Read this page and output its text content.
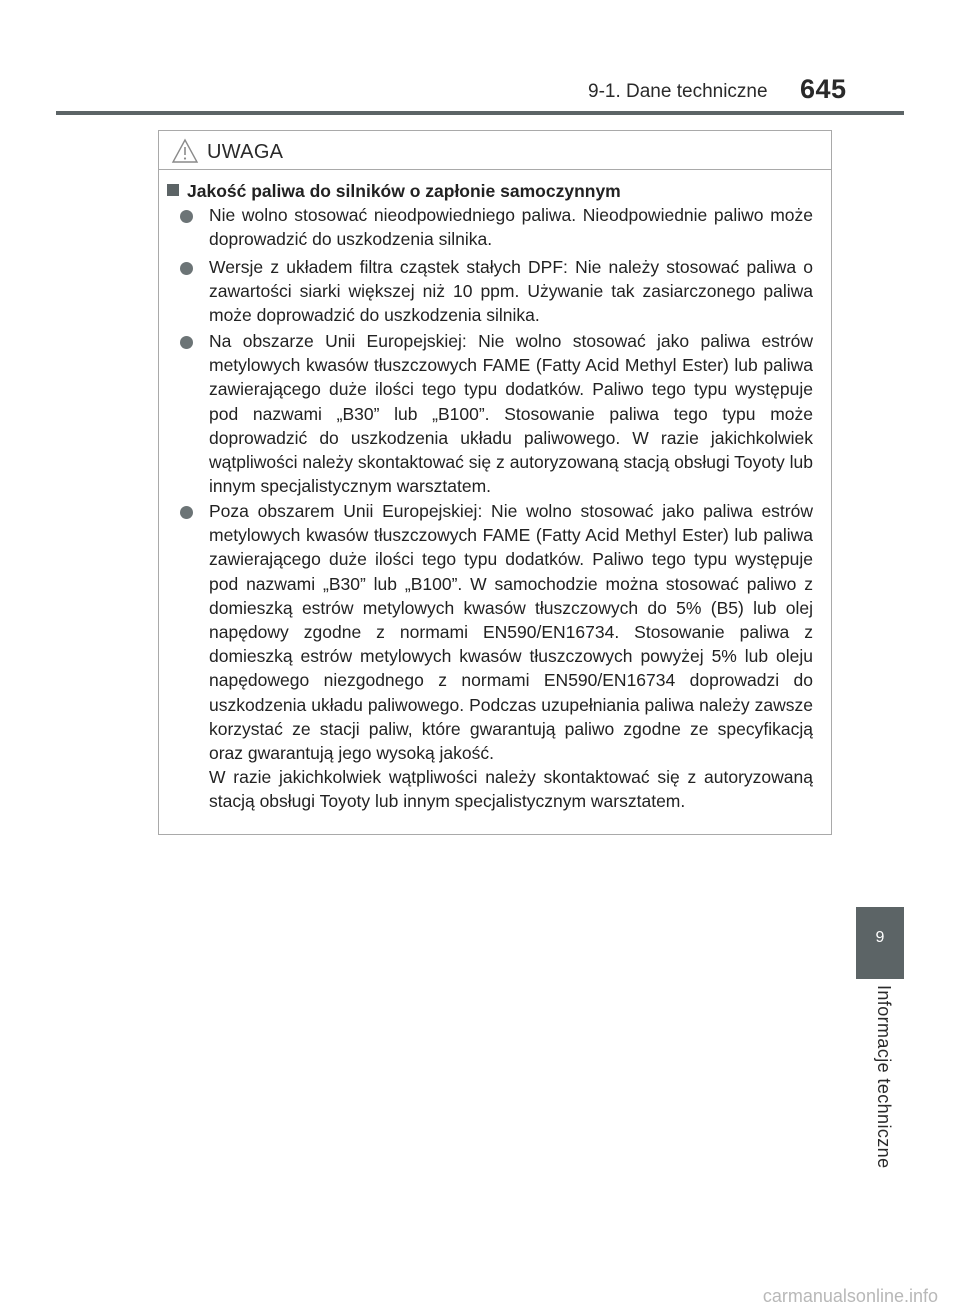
9-1. Dane techniczne 645
UWAGA
Jakość paliwa do silników o zapłonie samoczynnym

Nie wolno stosować nieodpowiedniego paliwa. Nieodpowiednie paliwo może doprowadzić do uszkodzenia silnika.

Wersje z układem filtra cząstek stałych DPF: Nie należy stosować paliwa o zawartości siarki większej niż 10 ppm. Używanie tak zasiarczonego paliwa może doprowadzić do uszkodzenia silnika.

Na obszarze Unii Europejskiej: Nie wolno stosować jako paliwa estrów metylowych kwasów tłuszczowych FAME (Fatty Acid Methyl Ester) lub paliwa zawierającego duże ilości tego typu dodatków. Paliwo tego typu występuje pod nazwami „B30” lub „B100”. Stosowanie paliwa tego typu może doprowadzić do uszkodzenia układu paliwowego. W razie jakichkolwiek wątpliwości należy skontaktować się z autoryzowaną stacją obsługi Toyoty lub innym specjalistycznym warsztatem.

Poza obszarem Unii Europejskiej: Nie wolno stosować jako paliwa estrów metylowych kwasów tłuszczowych FAME (Fatty Acid Methyl Ester) lub paliwa zawierającego duże ilości tego typu dodatków. Paliwo tego typu występuje pod nazwami „B30” lub „B100”. W samochodzie można stosować paliwo z domieszką estrów metylowych kwasów tłuszczowych do 5% (B5) lub olej napędowy zgodne z normami EN590/EN16734. Stosowanie paliwa z domieszką estrów metylowych kwasów tłuszczowych powyżej 5% lub oleju napędowego niezgodnego z normami EN590/EN16734 doprowadzi do uszkodzenia układu paliwowego. Podczas uzupełniania paliwa należy zawsze korzystać ze stacji paliw, które gwarantują paliwo zgodne ze specyfikacją oraz gwarantują jego wysoką jakość.

W razie jakichkolwiek wątpliwości należy skontaktować się z autoryzowaną stacją obsługi Toyoty lub innym specjalistycznym warsztatem.

9
Informacje techniczne
carmanualsonline.info
